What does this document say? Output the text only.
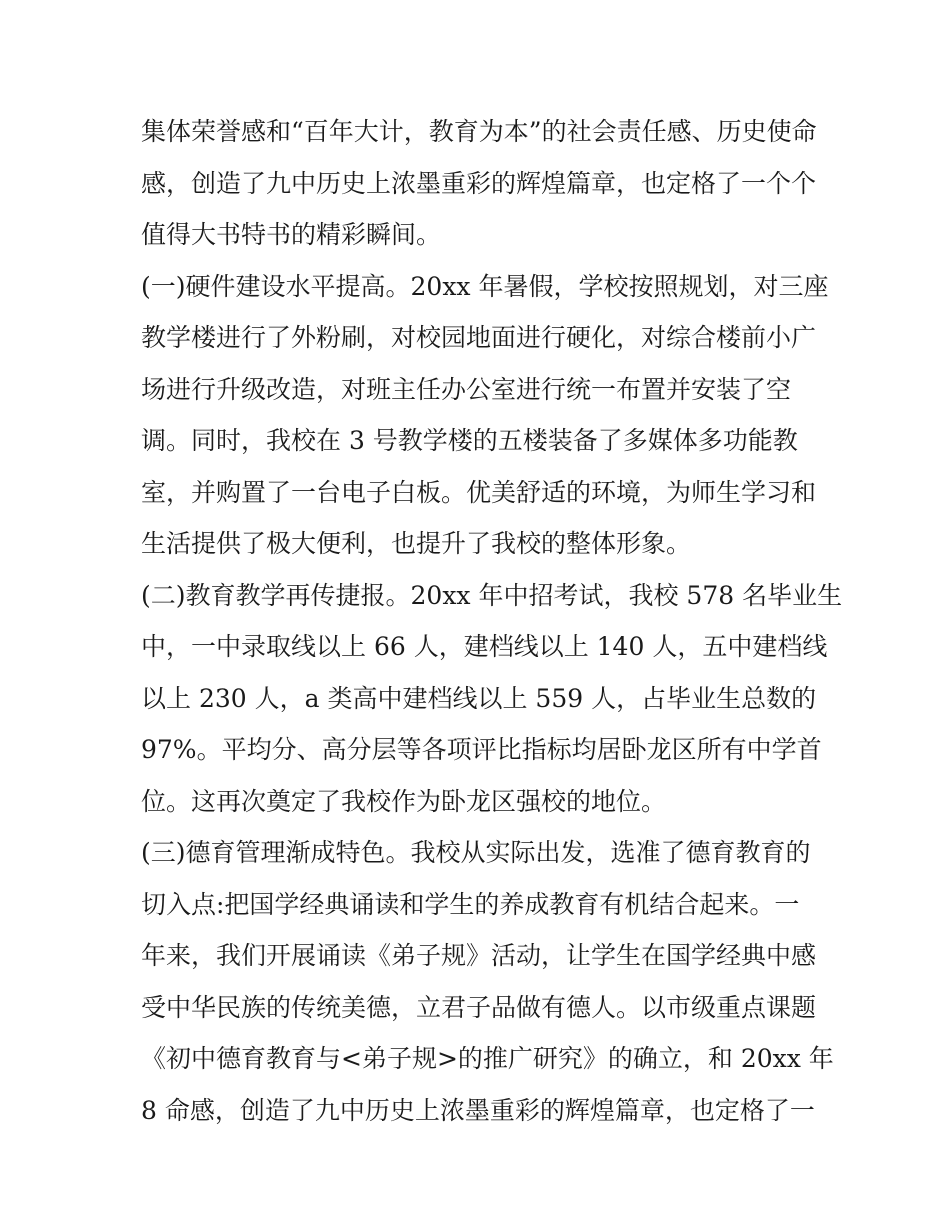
集体荣誉感和“百年大计，教育为本”的社会责任感、历史使命
感，创造了九中历史上浓墨重彩的辉煌篇章，也定格了一个个
值得大书特书的精彩瞬间。
(一)硬件建设水平提高。20xx 年暑假，学校按照规划，对三座
教学楼进行了外粉刷，对校园地面进行硬化，对综合楼前小广
场进行升级改造，对班主任办公室进行统一布置并安装了空
调。同时，我校在 3 号教学楼的五楼装备了多媒体多功能教
室，并购置了一台电子白板。优美舒适的环境，为师生学习和
生活提供了极大便利，也提升了我校的整体形象。
(二)教育教学再传捷报。20xx 年中招考试，我校 578 名毕业生
中，一中录取线以上 66 人，建档线以上 140 人，五中建档线
以上 230 人，a 类高中建档线以上 559 人，占毕业生总数的
97%。平均分、高分层等各项评比指标均居卧龙区所有中学首
位。这再次奠定了我校作为卧龙区强校的地位。
(三)德育管理渐成特色。我校从实际出发，选准了德育教育的
切入点:把国学经典诵读和学生的养成教育有机结合起来。一
年来，我们开展诵读《弟子规》活动，让学生在国学经典中感
受中华民族的传统美德，立君子品做有德人。以市级重点课题
《初中德育教育与<弟子规>的推广研究》的确立，和 20xx 年
8 命感，创造了九中历史上浓墨重彩的辉煌篇章，也定格了一
